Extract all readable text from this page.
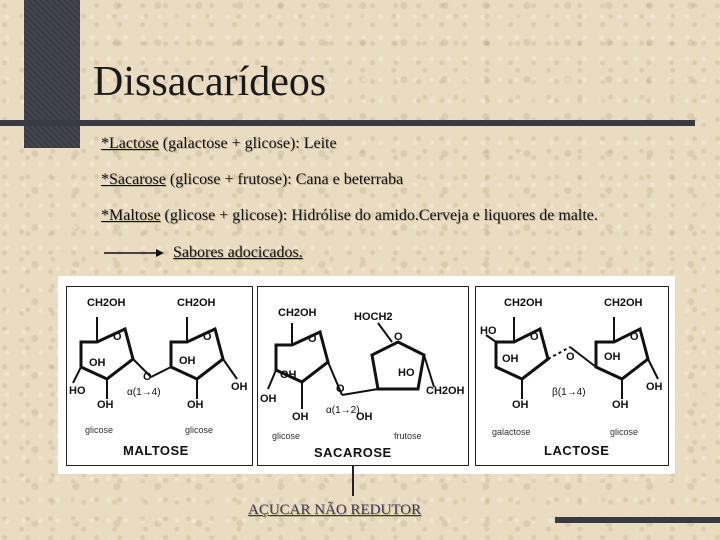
Dissacarídeos
*Lactose (galactose + glicose): Leite
*Sacarose (glicose + frutose): Cana e beterraba
*Maltose (glicose + glicose): Hidrólise do amido.Cerveja e liquores de malte.
Sabores adocicados.
CH2OH	CH2OH
O	O
O
OH
HO
OH
OH
OH
OH
α(1→4)
glicose	glicose
MALTOSE
CH2OH	HOCH2
O	O
O
OH
OH
OH
HO
CH2OH
OH
α(1→2)
glicose	frutose
SACAROSE
CH2OH	CH2OH
HO	O	O
O
OH	OH
OH	OH
OH
β(1→4)
galactose	glicose
LACTOSE
AÇUCAR NÃO REDUTOR
